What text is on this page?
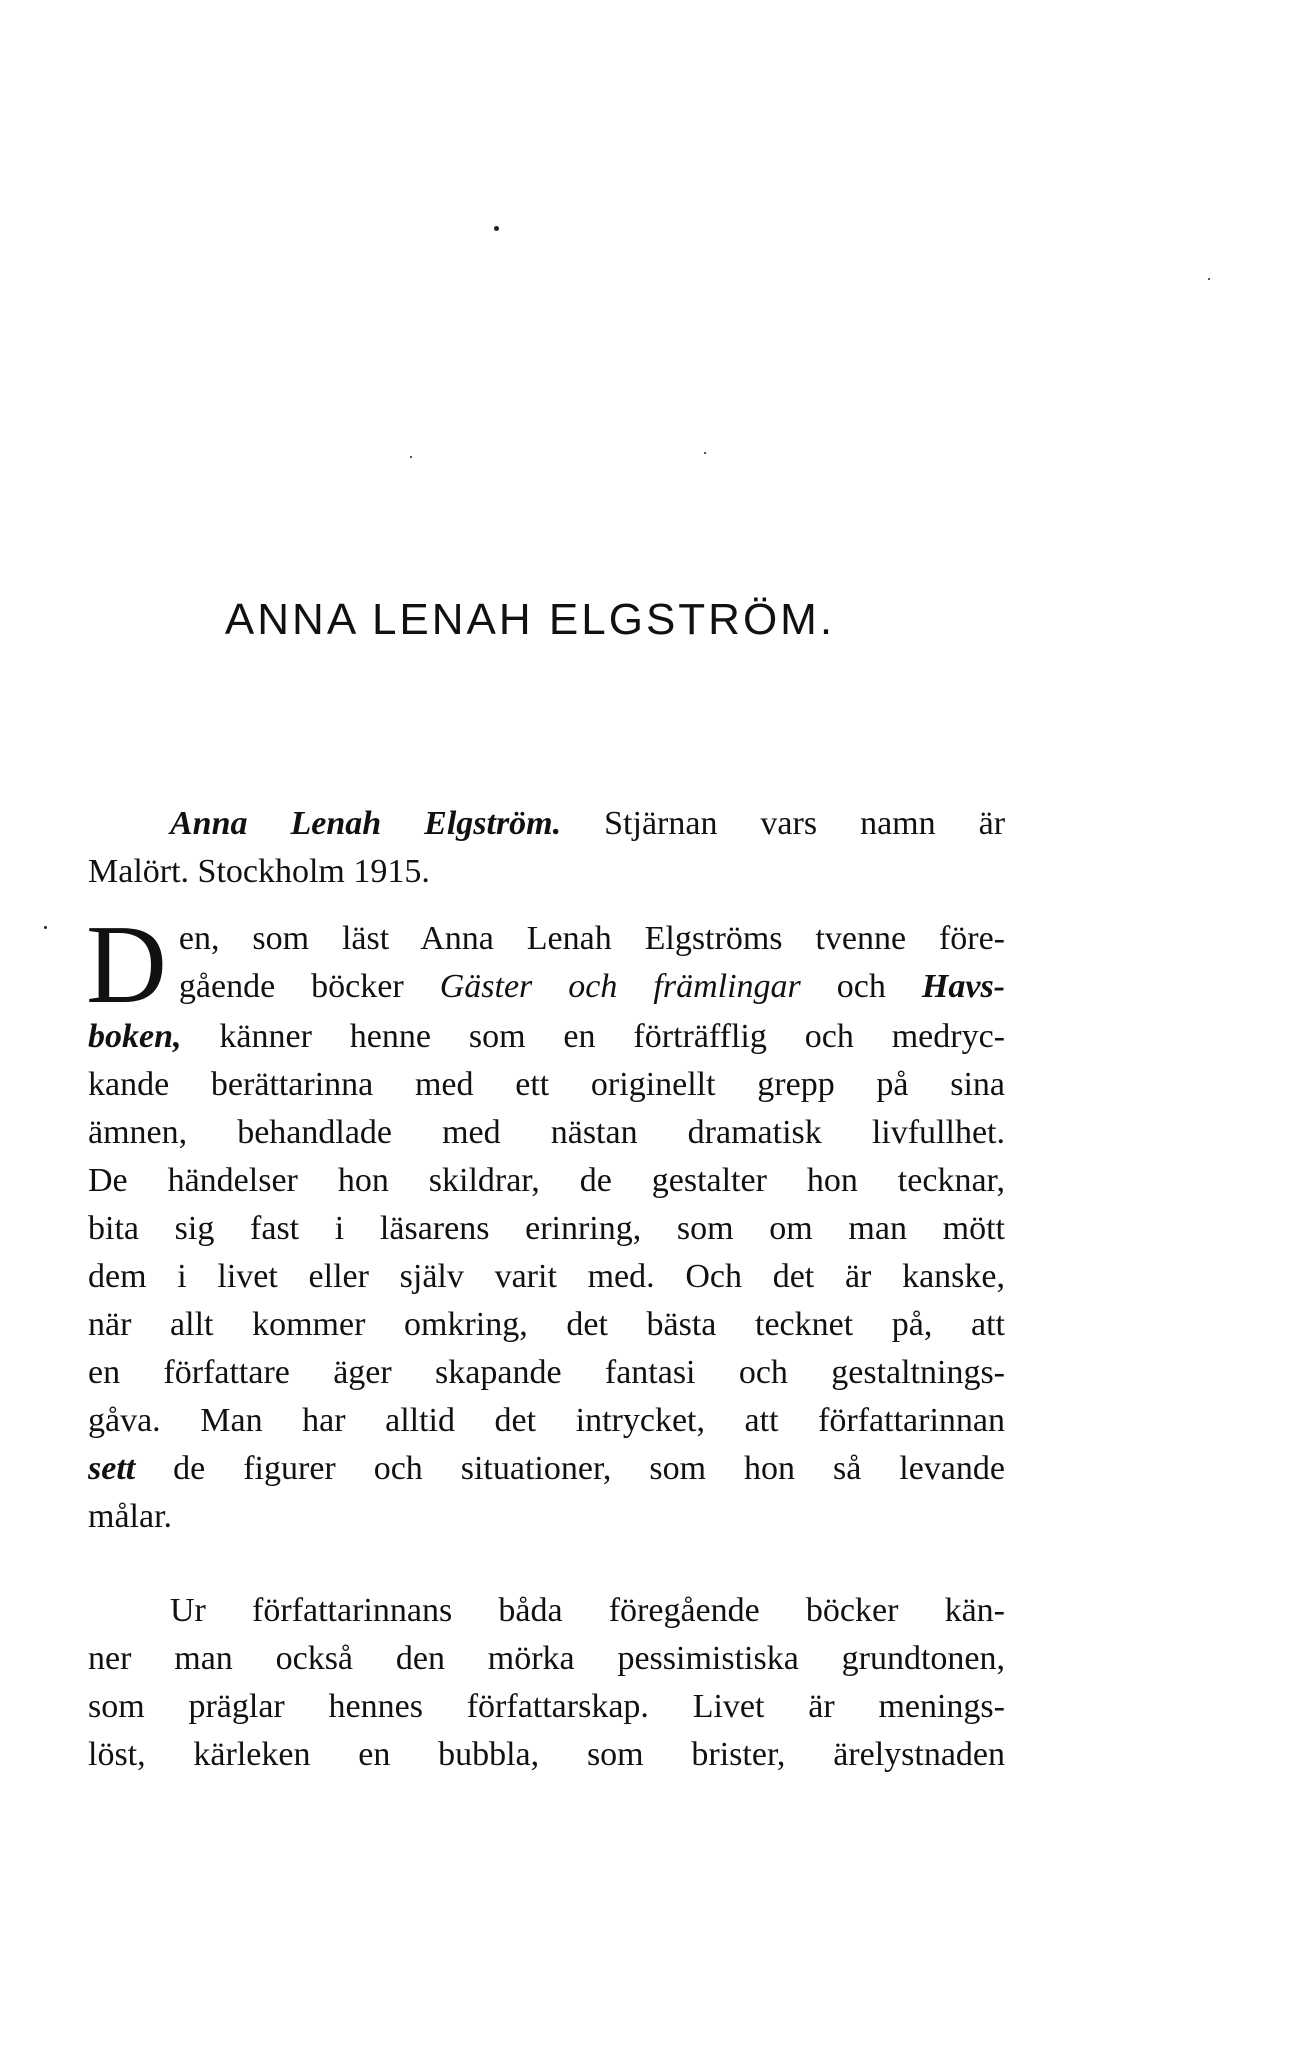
ANNA LENAH ELGSTRÖM.
Anna Lenah Elgström. Stjärnan vars namn är
Malört. Stockholm 1915.
D en, som läst Anna Lenah Elgströms tvenne före-
gående böcker Gäster och främlingar och Havs-
boken, känner henne som en förträfflig och medryc-
kande berättarinna med ett originellt grepp på sina
ämnen, behandlade med nästan dramatisk livfullhet.
De händelser hon skildrar, de gestalter hon tecknar,
bita sig fast i läsarens erinring, som om man mött
dem i livet eller själv varit med. Och det är kanske,
när allt kommer omkring, det bästa tecknet på, att
en författare äger skapande fantasi och gestaltnings-
gåva. Man har alltid det intrycket, att författarinnan
sett de figurer och situationer, som hon så levande
målar.
Ur författarinnans båda föregående böcker kän-
ner man också den mörka pessimistiska grundtonen,
som präglar hennes författarskap. Livet är menings-
löst, kärleken en bubbla, som brister, ärelystnaden
